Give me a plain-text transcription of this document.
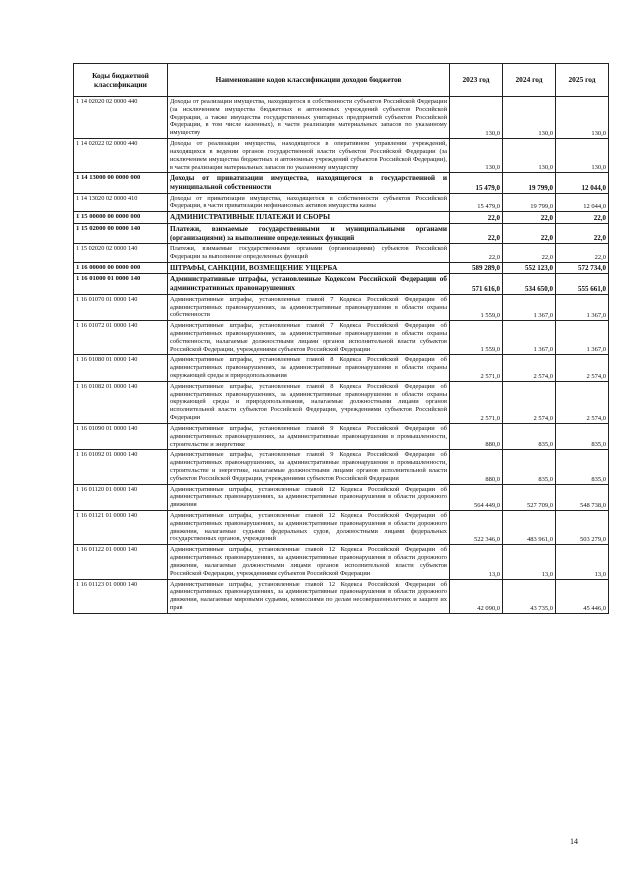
Коды бюджетной классификации	Наименование кодов классификации доходов бюджетов	2023 год	2024 год	2025 год
1 14 02020 02 0000 440	Доходы от реализации имущества, находящегося в собственности субъектов Российской Федерации (за исключением имущества бюджетных и автономных учреждений субъектов Российской Федерации, а также имущества государственных унитарных предприятий субъектов Российской Федерации, в том числе казенных), в части реализации материальных запасов по указанному имуществу	130,0	130,0	130,0
1 14 02022 02 0000 440	Доходы от реализации имущества, находящегося в оперативном управлении учреждений, находящихся в ведении органов государственной власти субъектов Российской Федерации (за исключением имущества бюджетных и автономных учреждений субъектов Российской Федерации), в части реализации материальных запасов по указанному имуществу	130,0	130,0	130,0
1 14 13000 00 0000 000	Доходы от приватизации имущества, находящегося в государственной и муниципальной собственности	15 479,0	19 799,0	12 044,0
1 14 13020 02 0000 410	Доходы от приватизации имущества, находящегося в собственности субъектов Российской Федерации, в части приватизации нефинансовых активов имущества казны	15 479,0	19 799,0	12 044,0
1 15 00000 00 0000 000	АДМИНИСТРАТИВНЫЕ ПЛАТЕЖИ И СБОРЫ	22,0	22,0	22,0
1 15 02000 00 0000 140	Платежи, взимаемые государственными и муниципальными органами (организациями) за выполнение определенных функций	22,0	22,0	22,0
1 15 02020 02 0000 140	Платежи, взимаемые государственными органами (организациями) субъектов Российской Федерации за выполнение определенных функций	22,0	22,0	22,0
1 16 00000 00 0000 000	ШТРАФЫ, САНКЦИИ, ВОЗМЕЩЕНИЕ УЩЕРБА	589 289,0	552 123,0	572 734,0
1 16 01000 01 0000 140	Административные штрафы, установленные Кодексом Российской Федерации об административных правонарушениях	571 616,0	534 650,0	555 661,0
1 16 01070 01 0000 140	Административные штрафы, установленные главой 7 Кодекса Российской Федерации об административных правонарушениях, за административные правонарушения в области охраны собственности	1 559,0	1 367,0	1 367,0
1 16 01072 01 0000 140	Административные штрафы, установленные главой 7 Кодекса Российской Федерации об административных правонарушениях, за административные правонарушения в области охраны собственности, налагаемые должностными лицами органов исполнительной власти субъектов Российской Федерации, учреждениями субъектов Российской Федерации	1 559,0	1 367,0	1 367,0
1 16 01080 01 0000 140	Административные штрафы, установленные главой 8 Кодекса Российской Федерации об административных правонарушениях, за административные правонарушения в области охраны окружающей среды и природопользования	2 571,0	2 574,0	2 574,0
1 16 01082 01 0000 140	Административные штрафы, установленные главой 8 Кодекса Российской Федерации об административных правонарушениях, за административные правонарушения в области охраны окружающей среды и природопользования, налагаемые должностными лицами органов исполнительной власти субъектов Российской Федерации, учреждениями субъектов Российской Федерации	2 571,0	2 574,0	2 574,0
1 16 01090 01 0000 140	Административные штрафы, установленные главой 9 Кодекса Российской Федерации об административных правонарушениях, за административные правонарушения в промышленности, строительстве и энергетике	880,0	835,0	835,0
1 16 01092 01 0000 140	Административные штрафы, установленные главой 9 Кодекса Российской Федерации об административных правонарушениях, за административные правонарушения в промышленности, строительстве и энергетике, налагаемые должностными лицами органов исполнительной власти субъектов Российской Федерации, учреждениями субъектов Российской Федерации	880,0	835,0	835,0
1 16 01120 01 0000 140	Административные штрафы, установленные главой 12 Кодекса Российской Федерации об административных правонарушениях, за административные правонарушения в области дорожного движения	564 449,0	527 709,0	548 738,0
1 16 01121 01 0000 140	Административные штрафы, установленные главой 12 Кодекса Российской Федерации об административных правонарушениях, за административные правонарушения в области дорожного движения, налагаемые судьями федеральных судов, должностными лицами федеральных государственных органов, учреждений	522 346,0	483 961,0	503 279,0
1 16 01122 01 0000 140	Административные штрафы, установленные главой 12 Кодекса Российской Федерации об административных правонарушениях, за административные правонарушения в области дорожного движения, налагаемые должностными лицами органов исполнительной власти субъектов Российской Федерации, учреждениями субъектов Российской Федерации	13,0	13,0	13,0
1 16 01123 01 0000 140	Административные штрафы, установленные главой 12 Кодекса Российской Федерации об административных правонарушениях, за административные правонарушения в области дорожного движения, налагаемые мировыми судьями, комиссиями по делам несовершеннолетних и защите их прав	42 090,0	43 735,0	45 446,0
14
